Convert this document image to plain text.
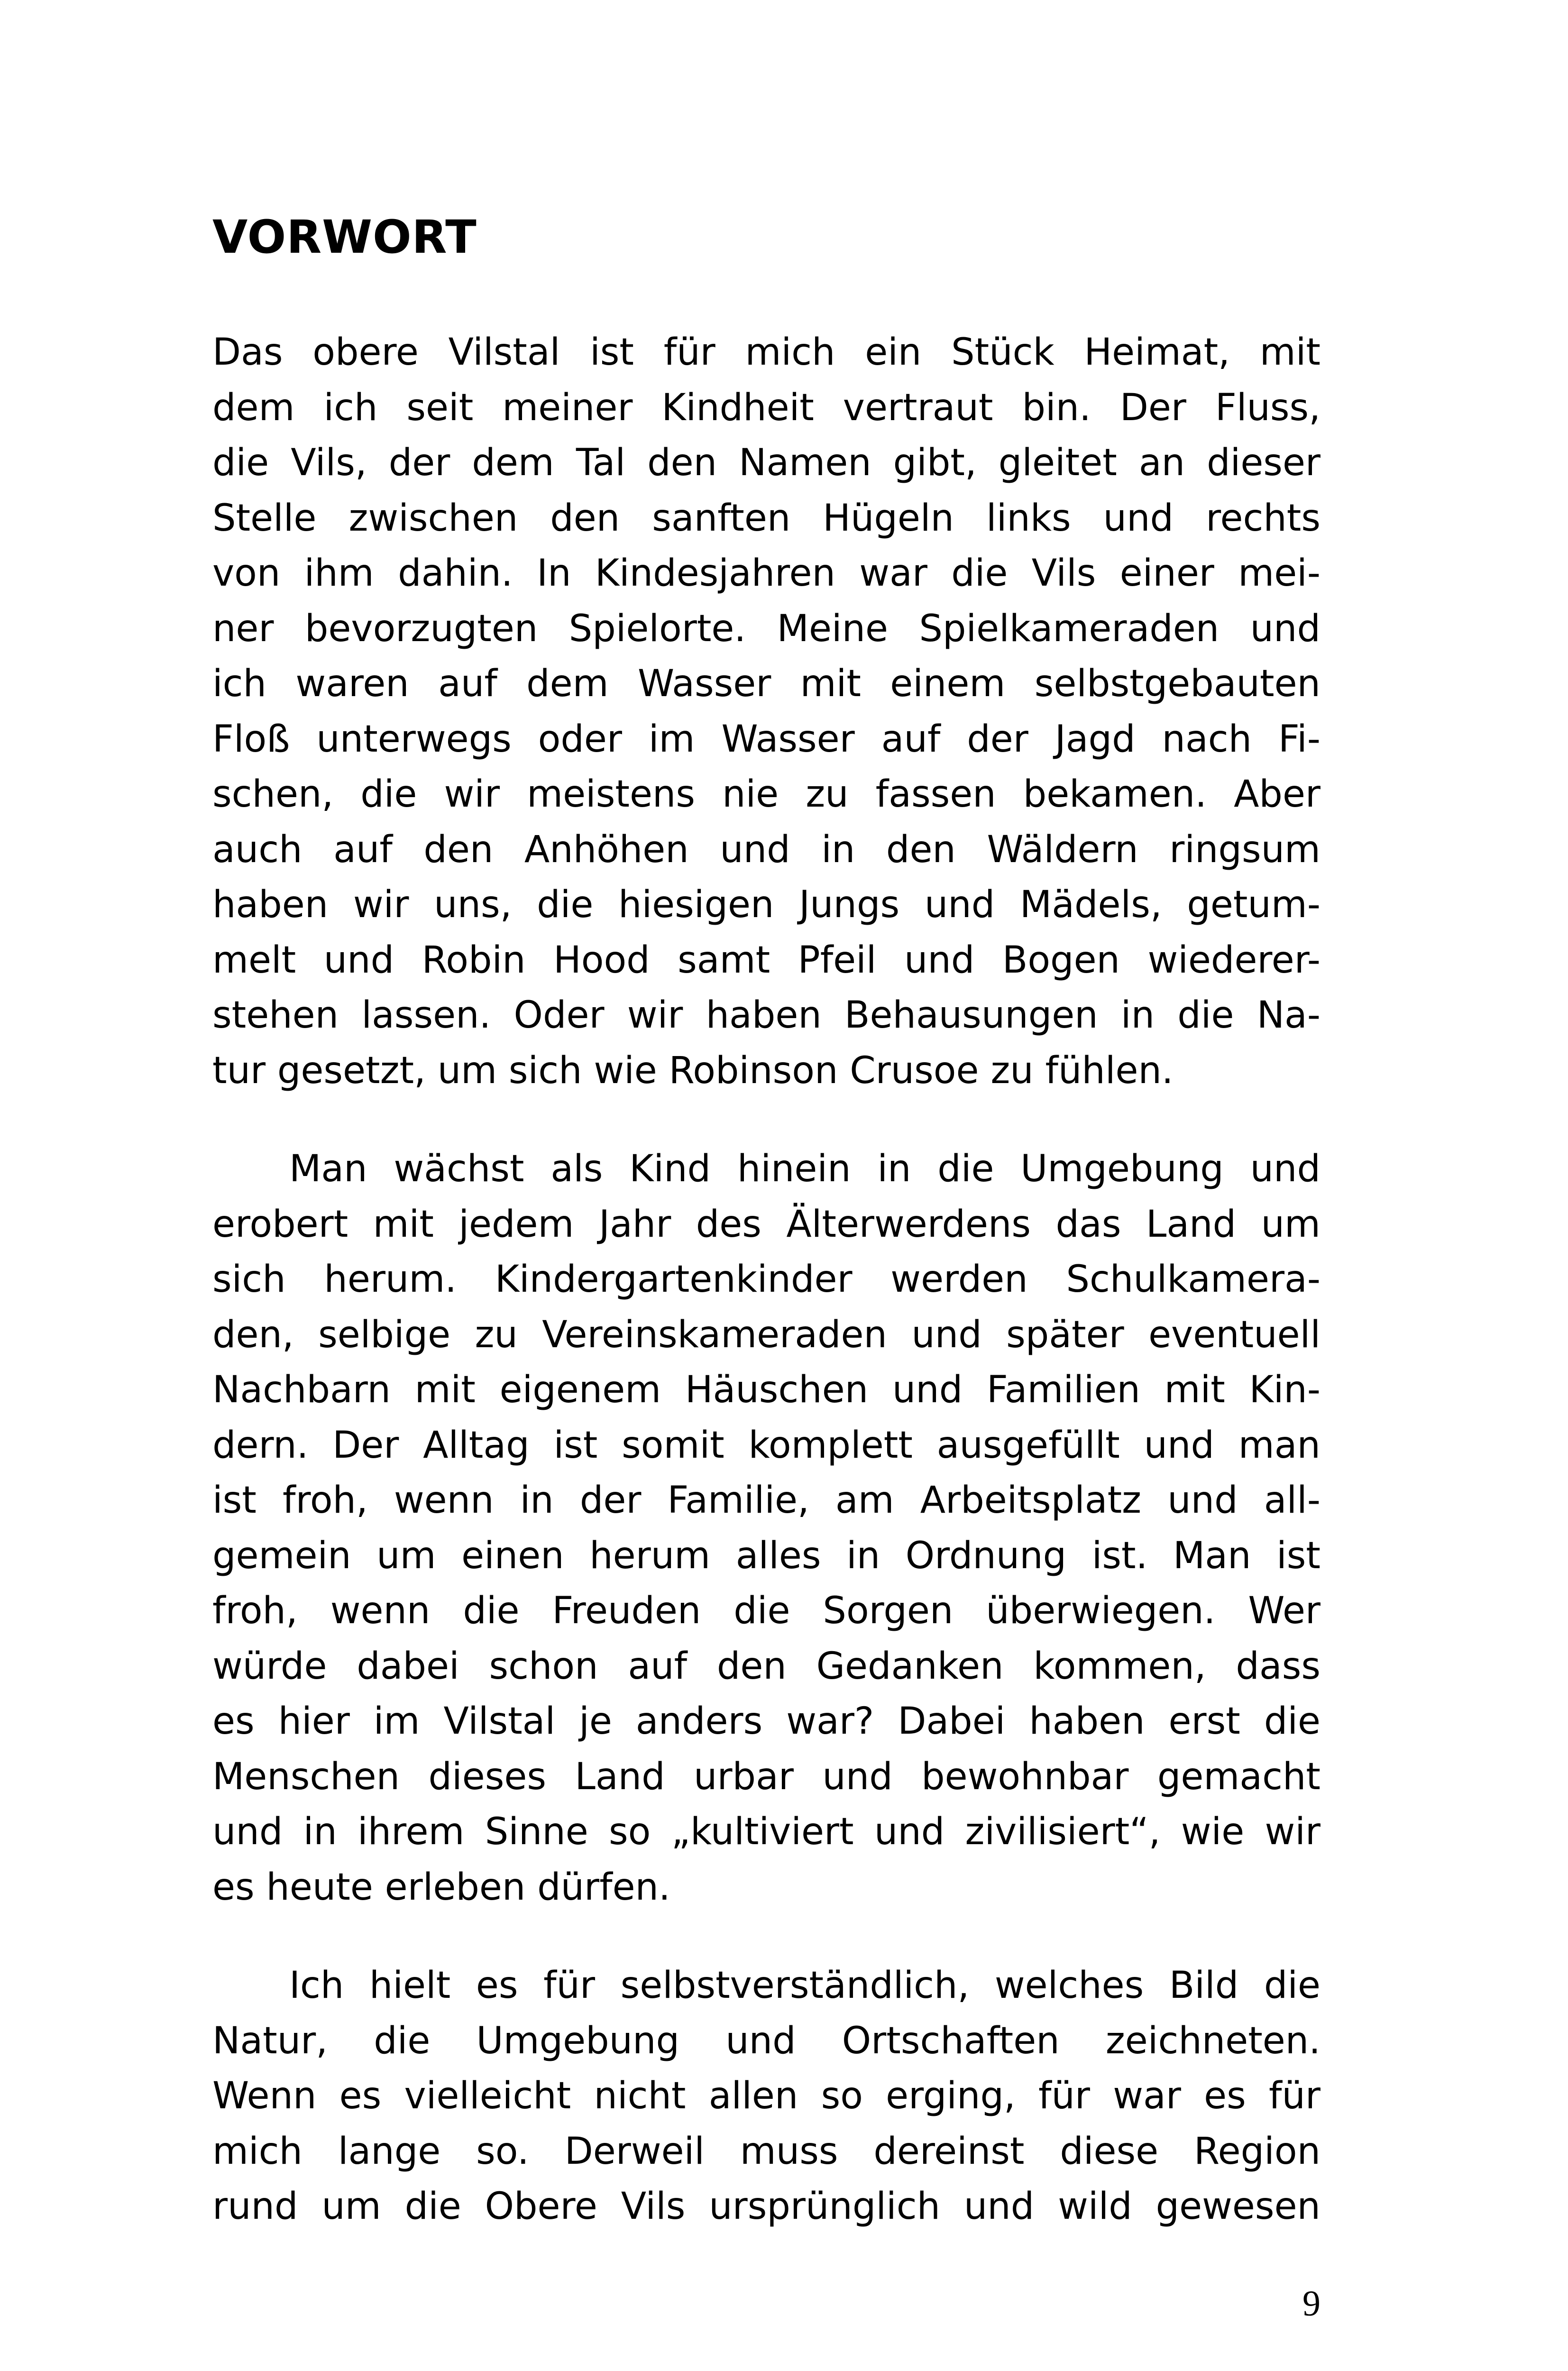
VORWORT
Das obere Vilstal ist für mich ein Stück Heimat, mit
dem ich seit meiner Kindheit vertraut bin. Der Fluss,
die Vils, der dem Tal den Namen gibt, gleitet an dieser
Stelle zwischen den sanften Hügeln links und rechts
von ihm dahin. In Kindesjahren war die Vils einer mei-
ner bevorzugten Spielorte. Meine Spielkameraden und
ich waren auf dem Wasser mit einem selbstgebauten
Floß unterwegs oder im Wasser auf der Jagd nach Fi-
schen, die wir meistens nie zu fassen bekamen. Aber
auch auf den Anhöhen und in den Wäldern ringsum
haben wir uns, die hiesigen Jungs und Mädels, getum-
melt und Robin Hood samt Pfeil und Bogen wiederer-
stehen lassen. Oder wir haben Behausungen in die Na-
tur gesetzt, um sich wie Robinson Crusoe zu fühlen.
Man wächst als Kind hinein in die Umgebung und
erobert mit jedem Jahr des Älterwerdens das Land um
sich herum. Kindergartenkinder werden Schulkamera-
den, selbige zu Vereinskameraden und später eventuell
Nachbarn mit eigenem Häuschen und Familien mit Kin-
dern. Der Alltag ist somit komplett ausgefüllt und man
ist froh, wenn in der Familie, am Arbeitsplatz und all-
gemein um einen herum alles in Ordnung ist. Man ist
froh, wenn die Freuden die Sorgen überwiegen. Wer
würde dabei schon auf den Gedanken kommen, dass
es hier im Vilstal je anders war? Dabei haben erst die
Menschen dieses Land urbar und bewohnbar gemacht
und in ihrem Sinne so „kultiviert und zivilisiert“, wie wir
es heute erleben dürfen.
Ich hielt es für selbstverständlich, welches Bild die
Natur, die Umgebung und Ortschaften zeichneten.
Wenn es vielleicht nicht allen so erging, für war es für
mich lange so. Derweil muss dereinst diese Region
rund um die Obere Vils ursprünglich und wild gewesen
9
